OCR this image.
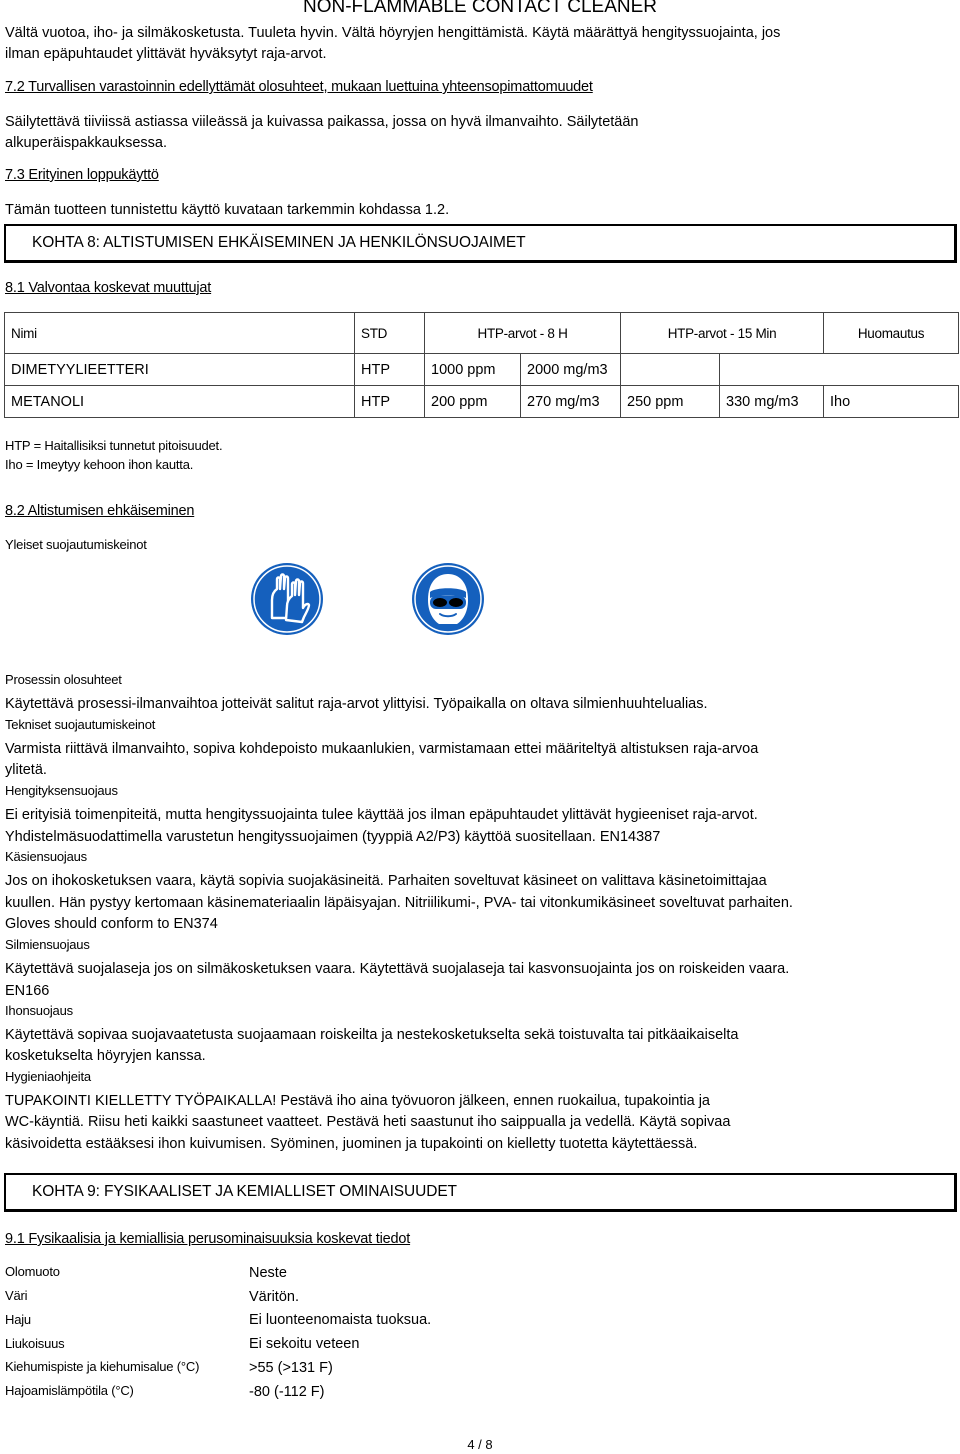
NON-FLAMMABLE CONTACT CLEANER
Vältä vuotoa, iho- ja silmäkosketusta. Tuuleta hyvin. Vältä höyryjen hengittämistä. Käytä määrättyä hengityssuojainta, jos
ilman epäpuhtaudet ylittävät hyväksytyt raja-arvot.
7.2 Turvallisen varastoinnin edellyttämät olosuhteet, mukaan luettuina yhteensopimattomuudet
Säilytettävä tiiviissä astiassa viileässä ja kuivassa paikassa, jossa on hyvä ilmanvaihto. Säilytetään
alkuperäispakkauksessa.
7.3 Erityinen loppukäyttö
Tämän tuotteen tunnistettu käyttö kuvataan tarkemmin kohdassa 1.2.
KOHTA 8: ALTISTUMISEN EHKÄISEMINEN JA HENKILÖNSUOJAIMET
8.1 Valvontaa koskevat muuttujat
Nimi	STD	HTP-arvot - 8 H		HTP-arvot - 15 Min		Huomautus
DIMETYYLIEETTERI	HTP	1000 ppm	2000 mg/m3			
METANOLI	HTP	200 ppm	270 mg/m3	250 ppm	330 mg/m3	Iho
HTP = Haitallisiksi tunnetut pitoisuudet.
Iho = Imeytyy kehoon ihon kautta.
8.2 Altistumisen ehkäiseminen
Yleiset suojautumiskeinot
Prosessin olosuhteet
Käytettävä prosessi-ilmanvaihtoa jotteivät salitut raja-arvot ylittyisi. Työpaikalla on oltava silmienhuuhtelualias.
Tekniset suojautumiskeinot
Varmista riittävä ilmanvaihto, sopiva kohdepoisto mukaanlukien, varmistamaan ettei määriteltyä altistuksen raja-arvoa
ylitetä.
Hengityksensuojaus
Ei erityisiä toimenpiteitä, mutta hengityssuojainta tulee käyttää jos ilman epäpuhtaudet ylittävät hygieeniset raja-arvot.
Yhdistelmäsuodattimella varustetun hengityssuojaimen (tyyppiä A2/P3) käyttöä suositellaan. EN14387
Käsiensuojaus
Jos on ihokosketuksen vaara, käytä sopivia suojakäsineitä. Parhaiten soveltuvat käsineet on valittava käsinetoimittajaa
kuullen. Hän pystyy kertomaan käsinemateriaalin läpäisyajan. Nitriilikumi-, PVA- tai vitonkumikäsineet soveltuvat parhaiten.
Gloves should conform to EN374
Silmiensuojaus
Käytettävä suojalaseja jos on silmäkosketuksen vaara. Käytettävä suojalaseja tai kasvonsuojainta jos on roiskeiden vaara.
EN166
Ihonsuojaus
Käytettävä sopivaa suojavaatetusta suojaamaan roiskeilta ja nestekosketukselta sekä toistuvalta tai pitkäaikaiselta
kosketukselta höyryjen kanssa.
Hygieniaohjeita
TUPAKOINTI KIELLETTY TYÖPAIKALLA! Pestävä iho aina työvuoron jälkeen, ennen ruokailua, tupakointia ja
WC-käyntiä. Riisu heti kaikki saastuneet vaatteet. Pestävä heti saastunut iho saippualla ja vedellä. Käytä sopivaa
käsivoidetta estääksesi ihon kuivumisen. Syöminen, juominen ja tupakointi on kielletty tuotetta käytettäessä.
KOHTA 9: FYSIKAALISET JA KEMIALLISET OMINAISUUDET
9.1 Fysikaalisia ja kemiallisia perusominaisuuksia koskevat tiedot
Olomuoto	Neste
Väri	Väritön.
Haju	Ei luonteenomaista tuoksua.
Liukoisuus	Ei sekoitu veteen
Kiehumispiste ja kiehumisalue (°C)	>55 (>131 F)
Hajoamislämpötila (°C)	-80 (-112 F)
4 / 8
